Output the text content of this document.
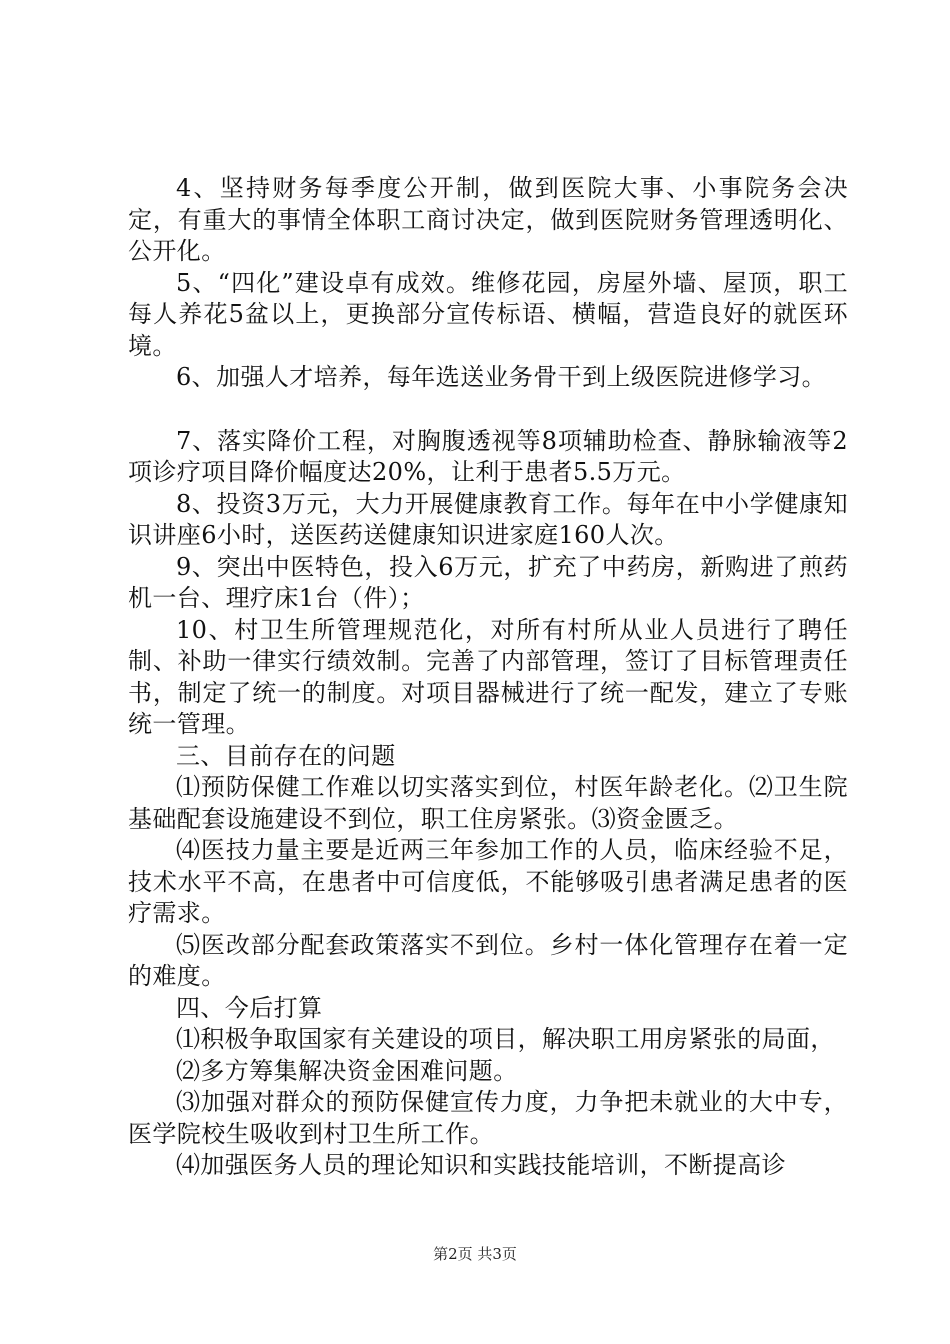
4、坚持财务每季度公开制，做到医院大事、小事院务会决定，有重大的事情全体职工商讨决定，做到医院财务管理透明化、公开化。

5、“四化”建设卓有成效。维修花园，房屋外墙、屋顶，职工每人养花5盆以上，更换部分宣传标语、横幅，营造良好的就医环境。

6、加强人才培养，每年选送业务骨干到上级医院进修学习。

7、落实降价工程，对胸腹透视等8项辅助检查、静脉输液等2项诊疗项目降价幅度达20%，让利于患者5.5万元。

8、投资3万元，大力开展健康教育工作。每年在中小学健康知识讲座6小时，送医药送健康知识进家庭160人次。

9、突出中医特色，投入6万元，扩充了中药房，新购进了煎药机一台、理疗床1台（件）；

10、村卫生所管理规范化，对所有村所从业人员进行了聘任制、补助一律实行绩效制。完善了内部管理，签订了目标管理责任书，制定了统一的制度。对项目器械进行了统一配发，建立了专账统一管理。

三、目前存在的问题

⑴预防保健工作难以切实落实到位，村医年龄老化。⑵卫生院基础配套设施建设不到位，职工住房紧张。⑶资金匮乏。

⑷医技力量主要是近两三年参加工作的人员，临床经验不足，技术水平不高，在患者中可信度低，不能够吸引患者满足患者的医疗需求。

⑸医改部分配套政策落实不到位。乡村一体化管理存在着一定的难度。

四、今后打算

⑴积极争取国家有关建设的项目，解决职工用房紧张的局面，

⑵多方筹集解决资金困难问题。

⑶加强对群众的预防保健宣传力度，力争把未就业的大中专，医学院校生吸收到村卫生所工作。

⑷加强医务人员的理论知识和实践技能培训，不断提高诊

第2页 共3页
